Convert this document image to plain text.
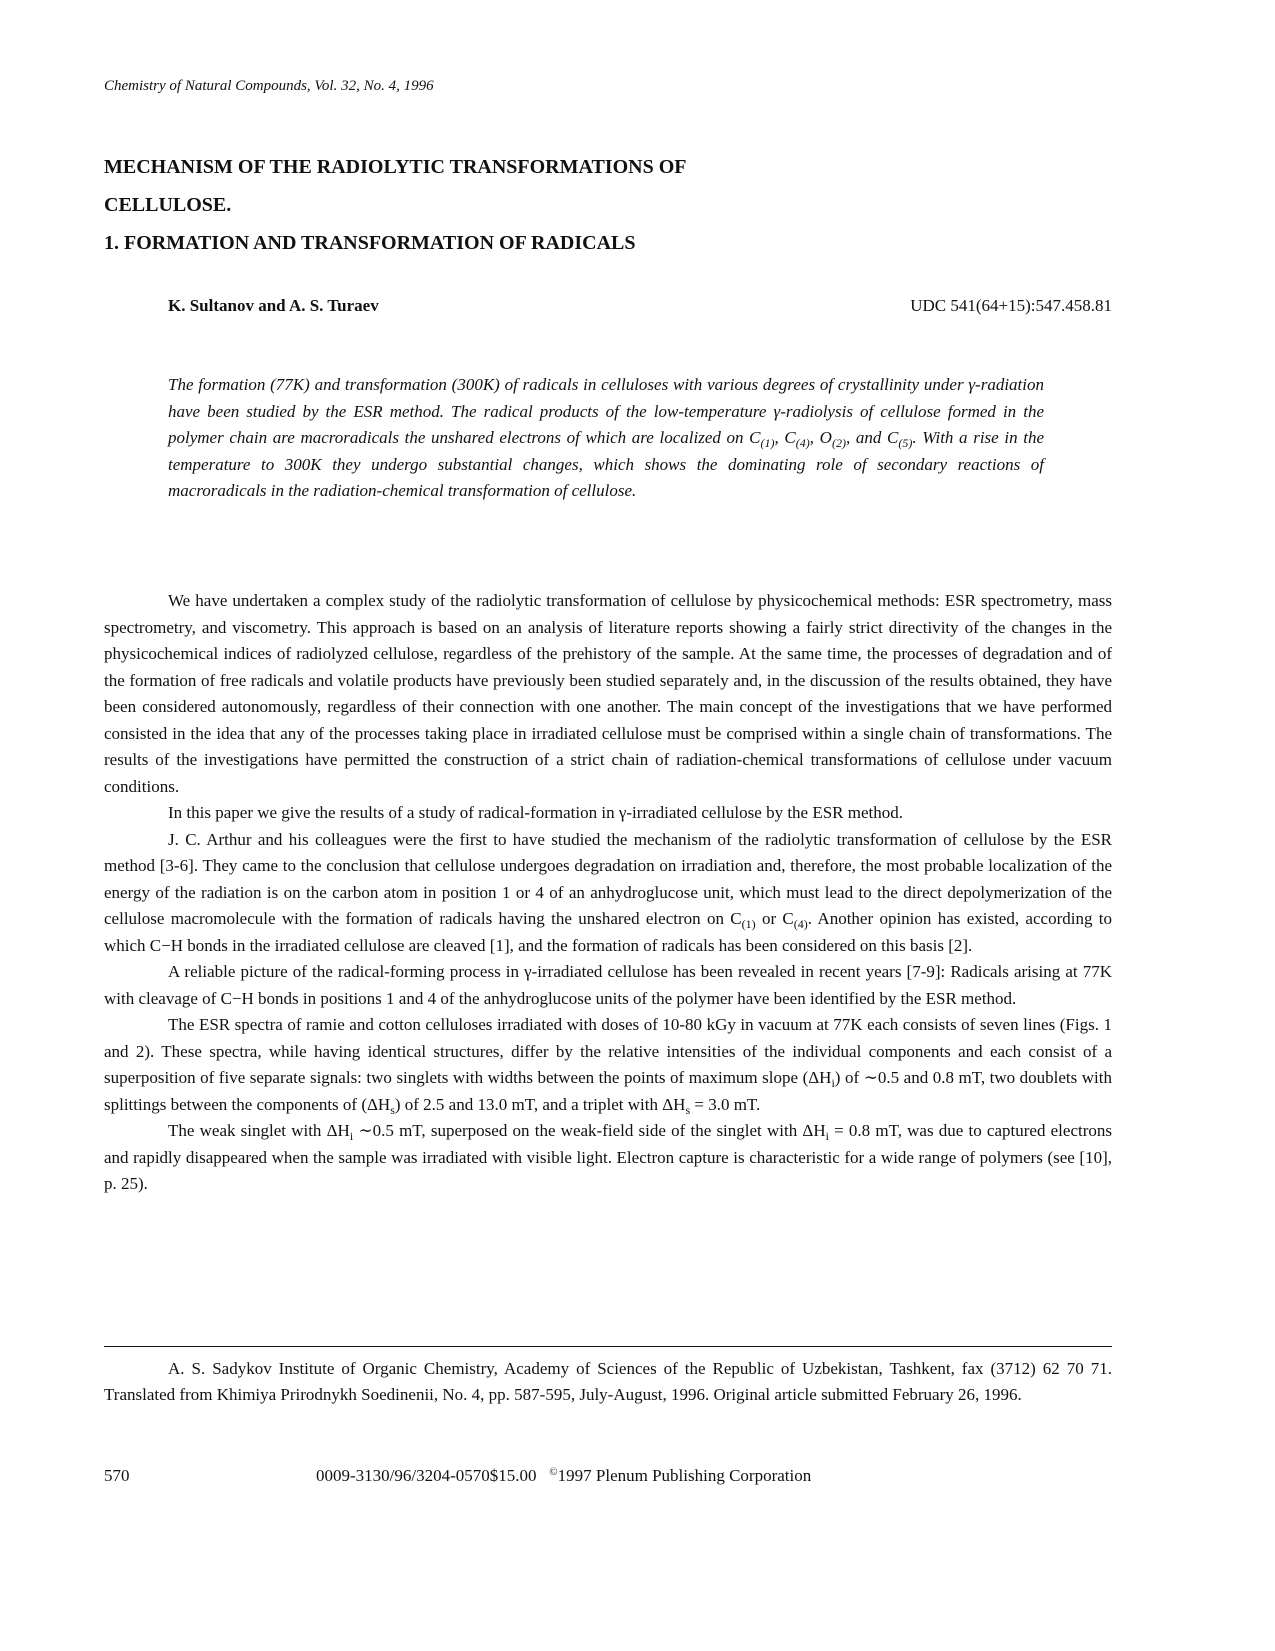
Chemistry of Natural Compounds, Vol. 32, No. 4, 1996
MECHANISM OF THE RADIOLYTIC TRANSFORMATIONS OF
CELLULOSE.
1. FORMATION AND TRANSFORMATION OF RADICALS
K. Sultanov and A. S. Turaev	UDC 541(64+15):547.458.81
The formation (77K) and transformation (300K) of radicals in celluloses with various degrees of crystallinity under γ-radiation have been studied by the ESR method. The radical products of the low-temperature γ-radiolysis of cellulose formed in the polymer chain are macroradicals the unshared electrons of which are localized on $C_{(1)}$, $C_{(4)}$, $O_{(2)}$, and $C_{(5)}$. With a rise in the temperature to 300K they undergo substantial changes, which shows the dominating role of secondary reactions of macroradicals in the radiation-chemical transformation of cellulose.

We have undertaken a complex study of the radiolytic transformation of cellulose by physicochemical methods: ESR spectrometry, mass spectrometry, and viscometry. This approach is based on an analysis of literature reports showing a fairly strict directivity of the changes in the physicochemical indices of radiolyzed cellulose, regardless of the prehistory of the sample. At the same time, the processes of degradation and of the formation of free radicals and volatile products have previously been studied separately and, in the discussion of the results obtained, they have been considered autonomously, regardless of their connection with one another. The main concept of the investigations that we have performed consisted in the idea that any of the processes taking place in irradiated cellulose must be comprised within a single chain of transformations. The results of the investigations have permitted the construction of a strict chain of radiation-chemical transformations of cellulose under vacuum conditions.

In this paper we give the results of a study of radical-formation in γ-irradiated cellulose by the ESR method.

J. C. Arthur and his colleagues were the first to have studied the mechanism of the radiolytic transformation of cellulose by the ESR method [3-6]. They came to the conclusion that cellulose undergoes degradation on irradiation and, therefore, the most probable localization of the energy of the radiation is on the carbon atom in position 1 or 4 of an anhydroglucose unit, which must lead to the direct depolymerization of the cellulose macromolecule with the formation of radicals having the unshared electron on $C_{(1)}$ or $C_{(4)}$. Another opinion has existed, according to which C−H bonds in the irradiated cellulose are cleaved [1], and the formation of radicals has been considered on this basis [2].

A reliable picture of the radical-forming process in γ-irradiated cellulose has been revealed in recent years [7-9]: Radicals arising at 77K with cleavage of C−H bonds in positions 1 and 4 of the anhydroglucose units of the polymer have been identified by the ESR method.

The ESR spectra of ramie and cotton celluloses irradiated with doses of 10-80 kGy in vacuum at 77K each consists of seven lines (Figs. 1 and 2). These spectra, while having identical structures, differ by the relative intensities of the individual components and each consist of a superposition of five separate signals: two singlets with widths between the points of maximum slope $(\Delta H_i)$ of ∼0.5 and 0.8 mT, two doublets with splittings between the components of $(\Delta H_s)$ of 2.5 and 13.0 mT, and a triplet with $\Delta H_s = 3.0$ mT.

The weak singlet with $\Delta H_i$ ∼0.5 mT, superposed on the weak-field side of the singlet with $\Delta H_i = 0.8$ mT, was due to captured electrons and rapidly disappeared when the sample was irradiated with visible light. Electron capture is characteristic for a wide range of polymers (see [10], p. 25).

A. S. Sadykov Institute of Organic Chemistry, Academy of Sciences of the Republic of Uzbekistan, Tashkent, fax (3712) 62 70 71. Translated from Khimiya Prirodnykh Soedinenii, No. 4, pp. 587-595, July-August, 1996. Original article submitted February 26, 1996.
570	0009-3130/96/3204-0570$15.00 ©1997 Plenum Publishing Corporation
